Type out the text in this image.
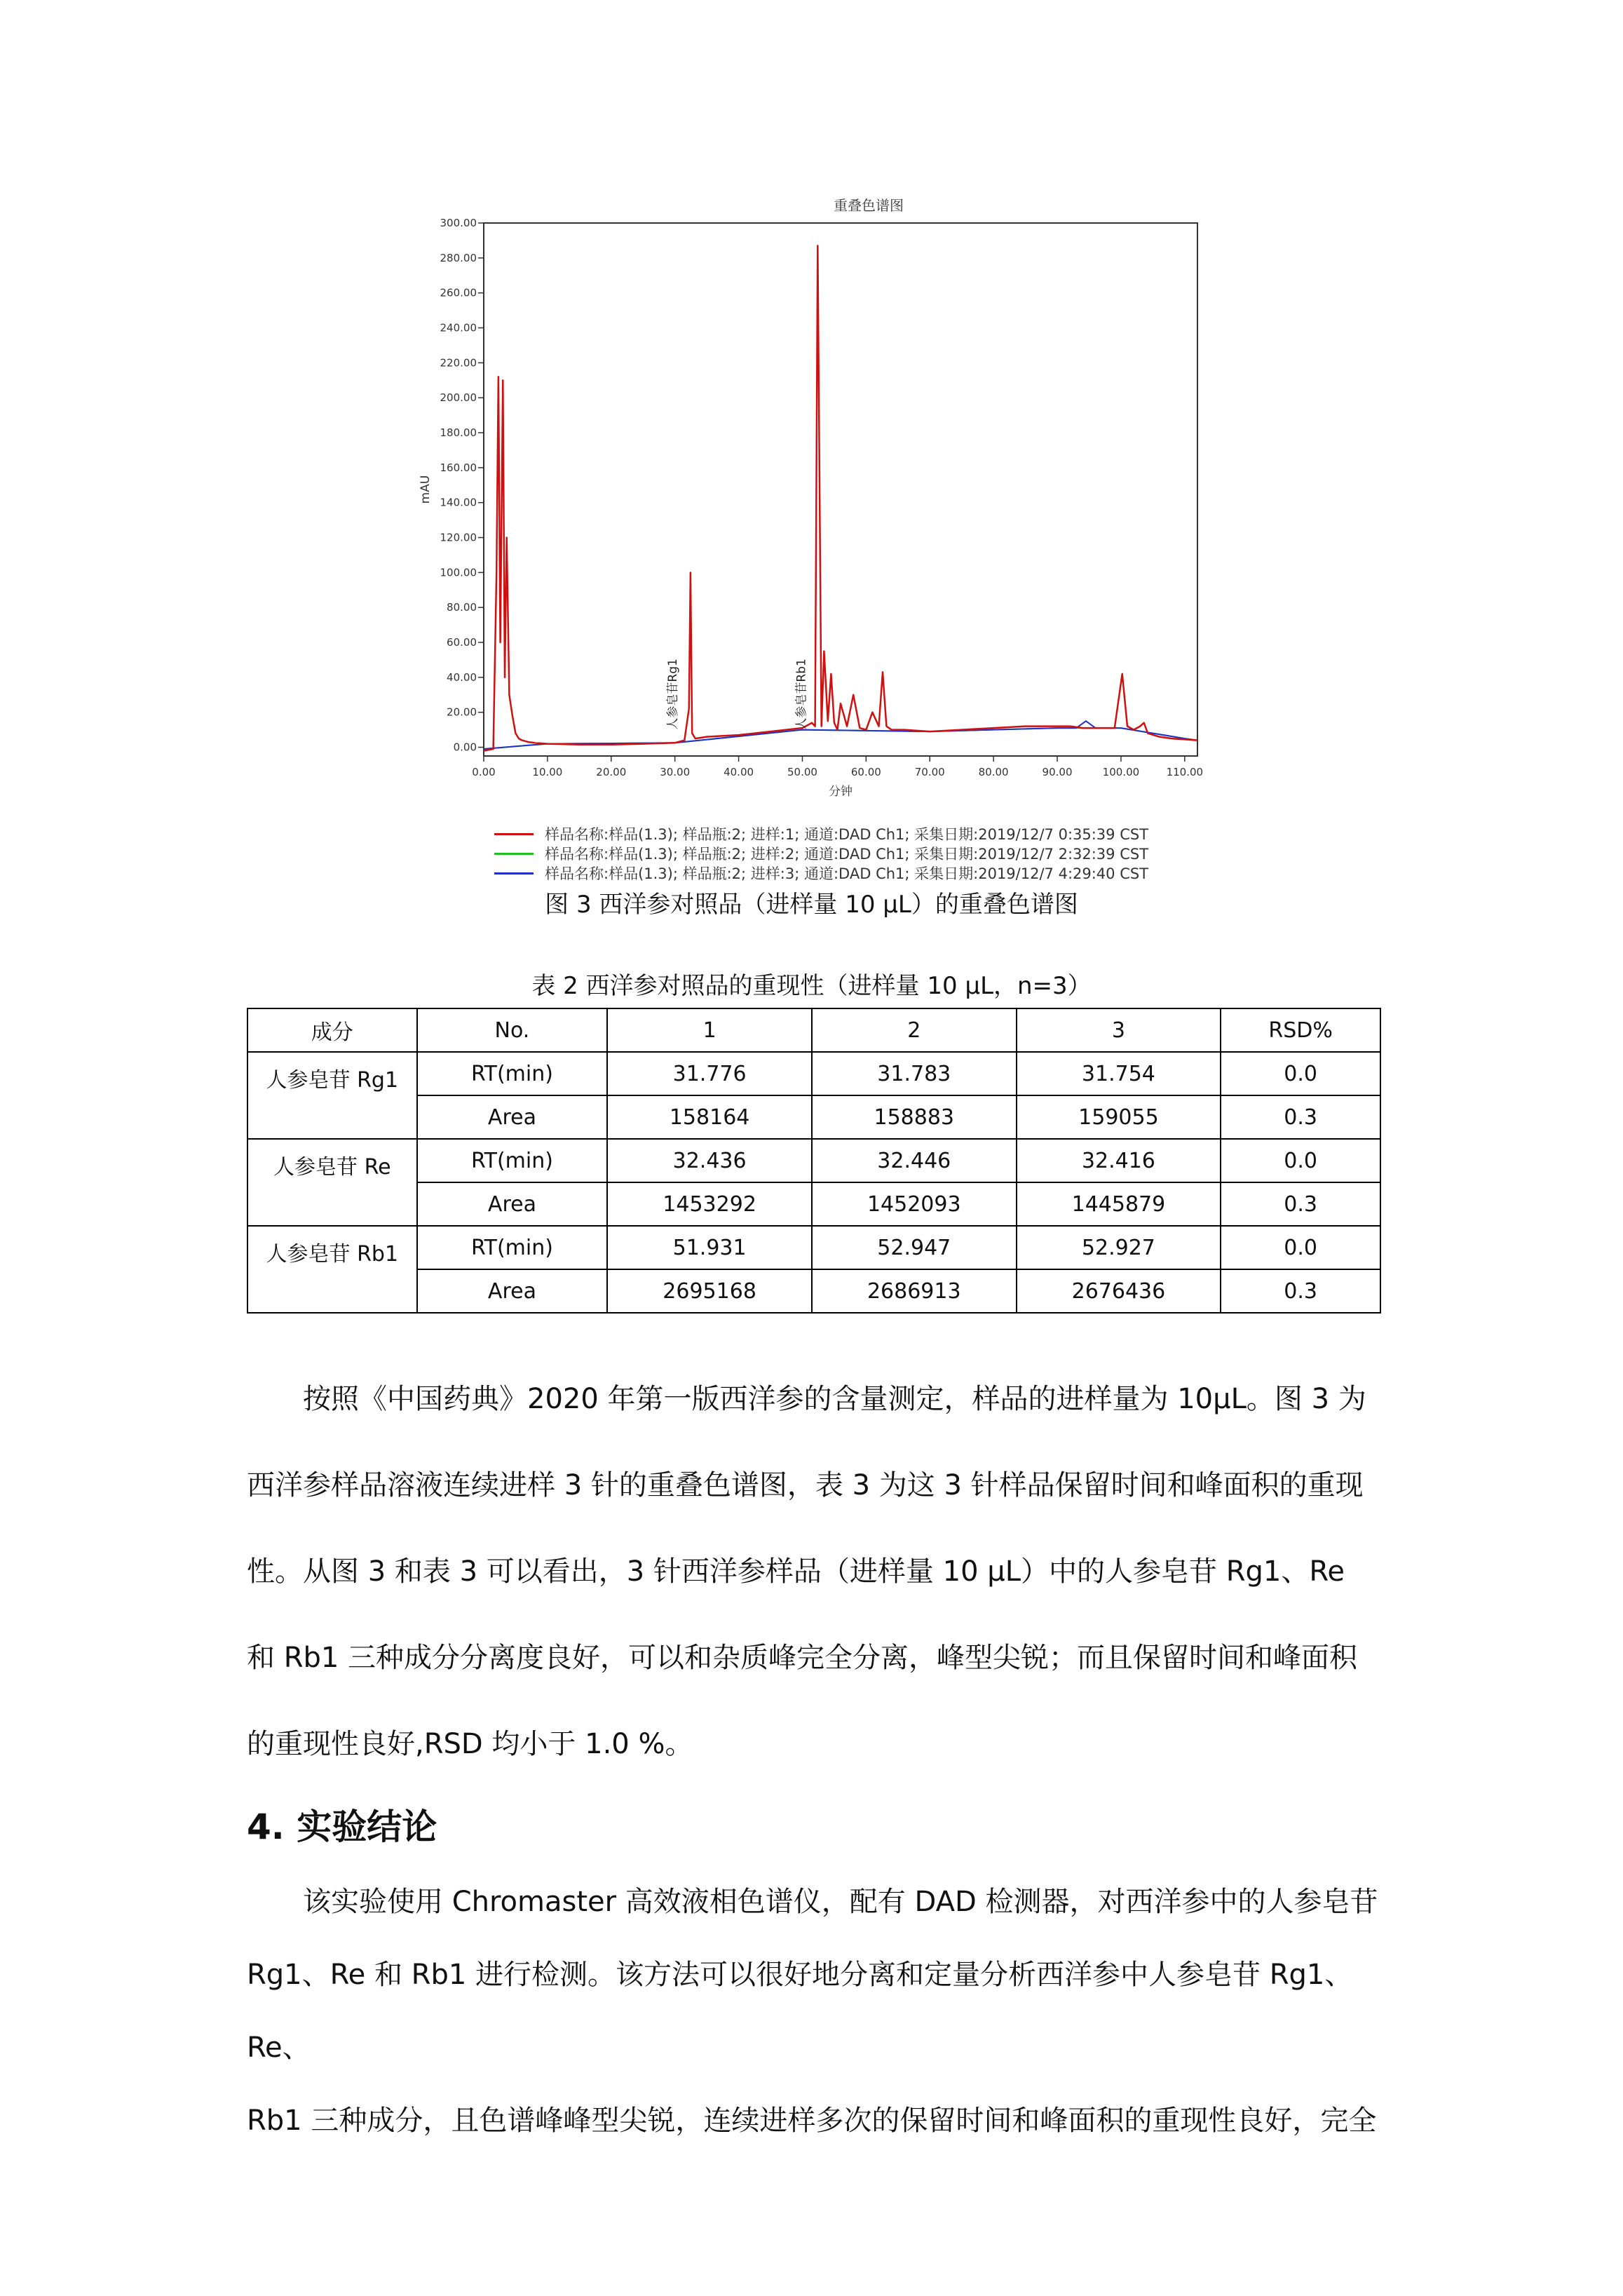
重叠色谱图
0.00
20.00
40.00
60.00
80.00
100.00
120.00
140.00
160.00
180.00
200.00
220.00
240.00
260.00
280.00
300.00
0.00	10.00	20.00	30.00	40.00	50.00	60.00	70.00	80.00	90.00	100.00	110.00
分钟
mAU
人参皂苷Rg1	人参皂苷Rb1
样品名称:样品(1.3); 样品瓶:2; 进样:1; 通道:DAD Ch1; 采集日期:2019/12/7 0:35:39 CST
样品名称:样品(1.3); 样品瓶:2; 进样:2; 通道:DAD Ch1; 采集日期:2019/12/7 2:32:39 CST
样品名称:样品(1.3); 样品瓶:2; 进样:3; 通道:DAD Ch1; 采集日期:2019/12/7 4:29:40 CST
图 3 西洋参对照品（进样量 10 μL）的重叠色谱图
表 2 西洋参对照品的重现性（进样量 10 μL，n=3）
成分	No.	1	2	3	RSD%
人参皂苷 Rg1	RT(min)	31.776	31.783	31.754	0.0
	Area	158164	158883	159055	0.3
人参皂苷 Re	RT(min)	32.436	32.446	32.416	0.0
	Area	1453292	1452093	1445879	0.3
人参皂苷 Rb1	RT(min)	51.931	52.947	52.927	0.0
	Area	2695168	2686913	2676436	0.3

按照《中国药典》2020 年第一版西洋参的含量测定，样品的进样量为 10μL。图 3 为

西洋参样品溶液连续进样 3 针的重叠色谱图，表 3 为这 3 针样品保留时间和峰面积的重现

性。从图 3 和表 3 可以看出，3 针西洋参样品（进样量 10 μL）中的人参皂苷 Rg1、Re

和 Rb1 三种成分分离度良好，可以和杂质峰完全分离，峰型尖锐；而且保留时间和峰面积

的重现性良好,RSD 均小于 1.0 %。

4. 实验结论

该实验使用 Chromaster 高效液相色谱仪，配有 DAD 检测器，对西洋参中的人参皂苷

Rg1、Re 和 Rb1 进行检测。该方法可以很好地分离和定量分析西洋参中人参皂苷 Rg1、Re、

Rb1 三种成分，且色谱峰峰型尖锐，连续进样多次的保留时间和峰面积的重现性良好，完全
